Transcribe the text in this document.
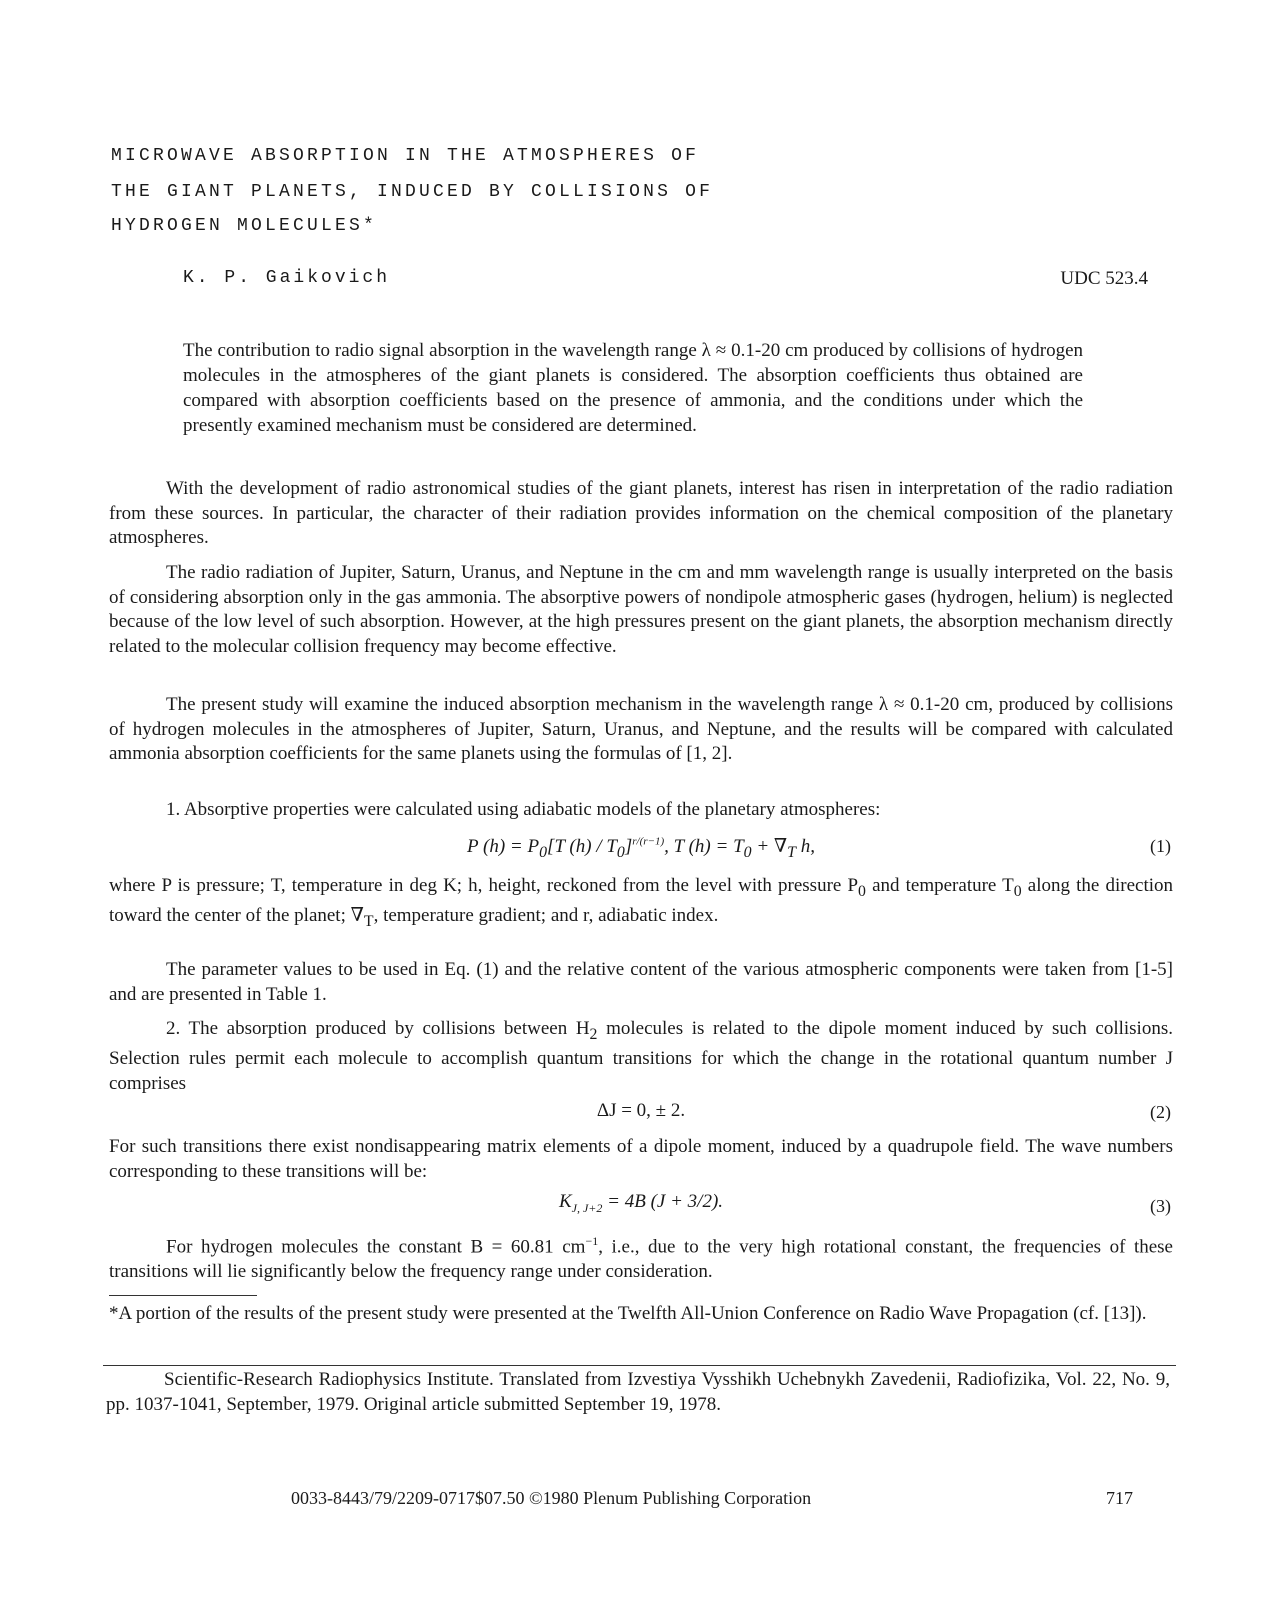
MICROWAVE ABSORPTION IN THE ATMOSPHERES OF
THE GIANT PLANETS, INDUCED BY COLLISIONS OF
HYDROGEN MOLECULES*
K. P. Gaikovich	UDC 523.4

The contribution to radio signal absorption in the wavelength range λ ≈ 0.1-20 cm produced by collisions of hydrogen molecules in the atmospheres of the giant planets is considered. The absorption coefficients thus obtained are compared with absorption coefficients based on the presence of ammonia, and the conditions under which the presently examined mechanism must be considered are determined.

With the development of radio astronomical studies of the giant planets, interest has risen in interpretation of the radio radiation from these sources. In particular, the character of their radiation provides information on the chemical composition of the planetary atmospheres.

The radio radiation of Jupiter, Saturn, Uranus, and Neptune in the cm and mm wavelength range is usually interpreted on the basis of considering absorption only in the gas ammonia. The absorptive powers of nondipole atmospheric gases (hydrogen, helium) is neglected because of the low level of such absorption. However, at the high pressures present on the giant planets, the absorption mechanism directly related to the molecular collision frequency may become effective.

The present study will examine the induced absorption mechanism in the wavelength range λ ≈ 0.1-20 cm, produced by collisions of hydrogen molecules in the atmospheres of Jupiter, Saturn, Uranus, and Neptune, and the results will be compared with calculated ammonia absorption coefficients for the same planets using the formulas of [1, 2].

1. Absorptive properties were calculated using adiabatic models of the planetary atmospheres:

P $(h) = P_0[T$ $(h) / T_0]^{r/(r-1)}$, T $(h) = T_0 + \nabla_T$ h,	(1)

where P is pressure; T, temperature in deg K; h, height, reckoned from the level with pressure $P_0$ and temperature $T_0$ along the direction toward the center of the planet; $\nabla_T$, temperature gradient; and r, adiabatic index.

The parameter values to be used in Eq. (1) and the relative content of the various atmospheric components were taken from [1-5] and are presented in Table 1.

2. The absorption produced by collisions between $H_2$ molecules is related to the dipole moment induced by such collisions. Selection rules permit each molecule to accomplish quantum transitions for which the change in the rotational quantum number J comprises

ΔJ = 0, ± 2.	(2)

For such transitions there exist nondisappearing matrix elements of a dipole moment, induced by a quadrupole field. The wave numbers corresponding to these transitions will be:

$K_{J, J+2} = 4B$ (J + 3/2).	(3)

For hydrogen molecules the constant B = 60.81 $cm^{-1}$, i.e., due to the very high rotational constant, the frequencies of these transitions will lie significantly below the frequency range under consideration.

*A portion of the results of the present study were presented at the Twelfth All-Union Conference on Radio Wave Propagation (cf. [13]).

Scientific-Research Radiophysics Institute. Translated from Izvestiya Vysshikh Uchebnykh Zavedenii, Radiofizika, Vol. 22, No. 9, pp. 1037-1041, September, 1979. Original article submitted September 19, 1978.

0033-8443/79/2209-0717$07.50 ©1980 Plenum Publishing Corporation	717
